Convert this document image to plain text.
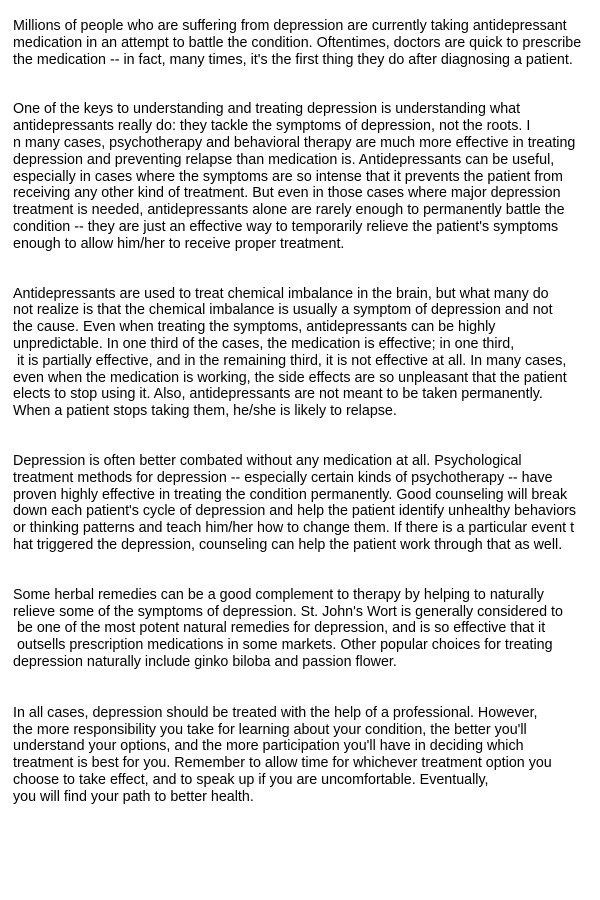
Millions of people who are suffering from depression are currently taking antidepressant
medication in an attempt to battle the condition. Oftentimes, doctors are quick to prescribe
the medication -- in fact, many times, it's the first thing they do after diagnosing a patient.

One of the keys to understanding and treating depression is understanding what
antidepressants really do: they tackle the symptoms of depression, not the roots. I
n many cases, psychotherapy and behavioral therapy are much more effective in treating
depression and preventing relapse than medication is. Antidepressants can be useful,
especially in cases where the symptoms are so intense that it prevents the patient from
receiving any other kind of treatment. But even in those cases where major depression
treatment is needed, antidepressants alone are rarely enough to permanently battle the
condition -- they are just an effective way to temporarily relieve the patient's symptoms
enough to allow him/her to receive proper treatment.

Antidepressants are used to treat chemical imbalance in the brain, but what many do
not realize is that the chemical imbalance is usually a symptom of depression and not
the cause. Even when treating the symptoms, antidepressants can be highly
unpredictable. In one third of the cases, the medication is effective; in one third,
it is partially effective, and in the remaining third, it is not effective at all. In many cases,
even when the medication is working, the side effects are so unpleasant that the patient
elects to stop using it. Also, antidepressants are not meant to be taken permanently.
When a patient stops taking them, he/she is likely to relapse.

Depression is often better combated without any medication at all. Psychological
treatment methods for depression -- especially certain kinds of psychotherapy -- have
proven highly effective in treating the condition permanently. Good counseling will break
down each patient's cycle of depression and help the patient identify unhealthy behaviors
or thinking patterns and teach him/her how to change them. If there is a particular event t
hat triggered the depression, counseling can help the patient work through that as well.

Some herbal remedies can be a good complement to therapy by helping to naturally
relieve some of the symptoms of depression. St. John's Wort is generally considered to
be one of the most potent natural remedies for depression, and is so effective that it
outsells prescription medications in some markets. Other popular choices for treating
depression naturally include ginko biloba and passion flower.

In all cases, depression should be treated with the help of a professional. However,
the more responsibility you take for learning about your condition, the better you'll
understand your options, and the more participation you'll have in deciding which
treatment is best for you. Remember to allow time for whichever treatment option you
choose to take effect, and to speak up if you are uncomfortable. Eventually,
you will find your path to better health.
